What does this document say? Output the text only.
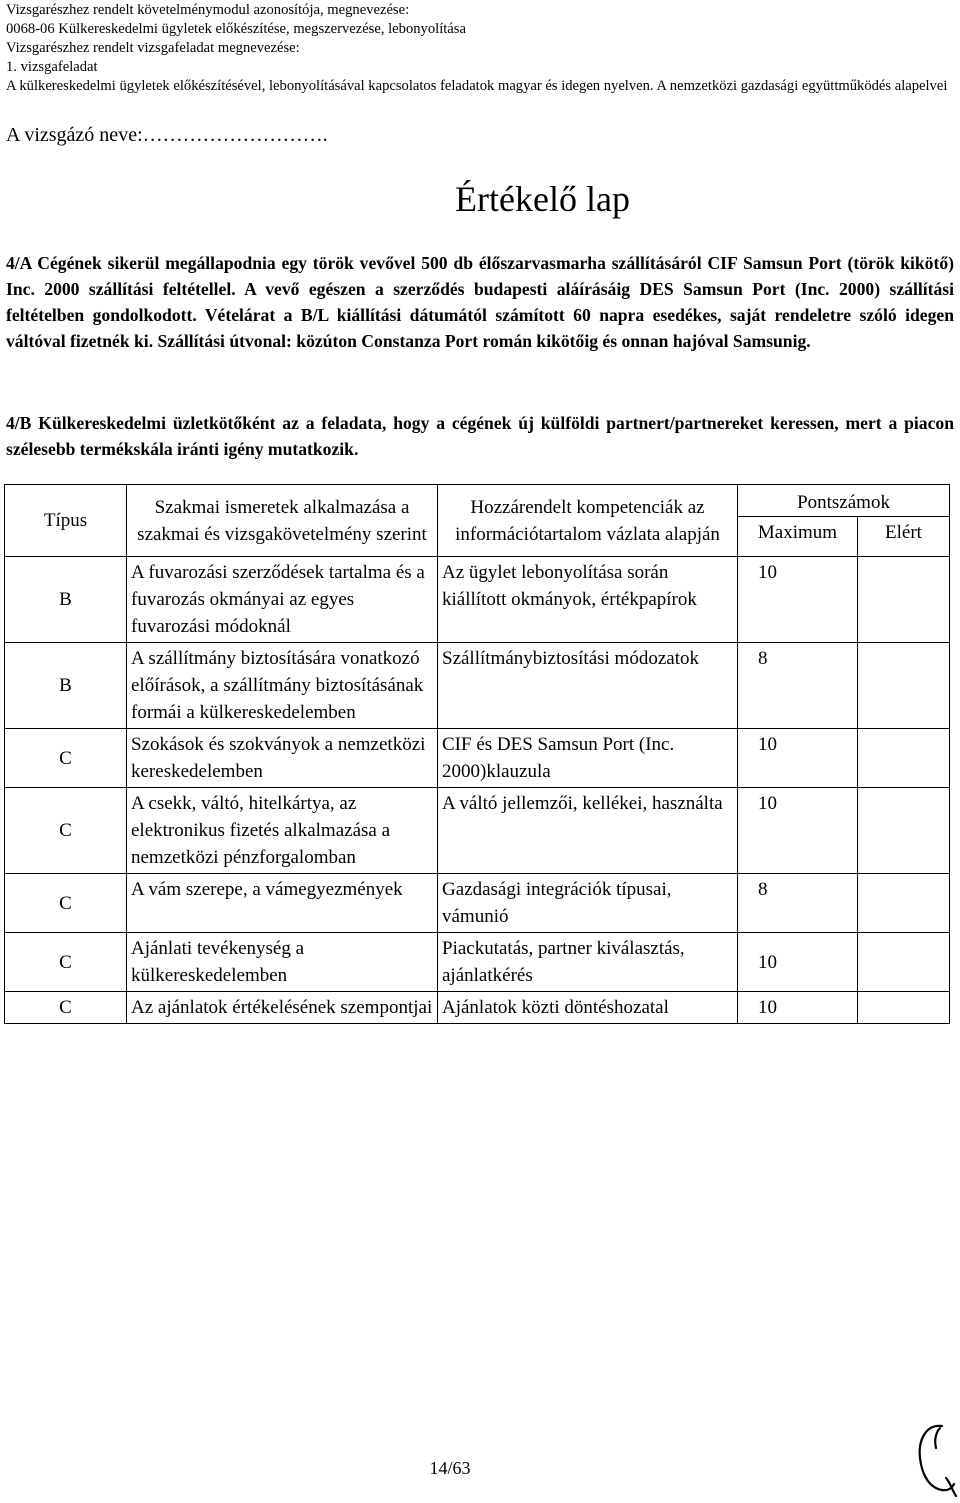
Vizsgarészhez rendelt követelménymodul azonosítója, megnevezése:
0068-06 Külkereskedelmi ügyletek előkészítése, megszervezése, lebonyolítása
Vizsgarészhez rendelt vizsgafeladat megnevezése:
1. vizsgafeladat
A külkereskedelmi ügyletek előkészítésével, lebonyolításával kapcsolatos feladatok magyar és idegen nyelven. A nemzetközi gazdasági együttműködés alapelvei
A vizsgázó neve:……………………….
Értékelő lap
4/A Cégének sikerül megállapodnia egy török vevővel 500 db élőszarvasmarha szállításáról CIF Samsun Port (török kikötő) Inc. 2000 szállítási feltétellel. A vevő egészen a szerződés budapesti aláírásáig DES Samsun Port (Inc. 2000) szállítási feltételben gondolkodott. Vételárat a B/L kiállítási dátumától számított 60 napra esedékes, saját rendeletre szóló idegen váltóval fizetnék ki. Szállítási útvonal: közúton Constanza Port román kikötőig és onnan hajóval Samsunig.
4/B Külkereskedelmi üzletkötőként az a feladata, hogy a cégének új külföldi partnert/partnereket keressen, mert a piacon szélesebb termékskála iránti igény mutatkozik.
Típus	Szakmai ismeretek alkalmazása a szakmai és vizsgakövetelmény szerint	Hozzárendelt kompetenciák az információtartalom vázlata alapján	Pontszámok	
			Maximum	Elért
B	A fuvarozási szerződések tartalma és a fuvarozás okmányai az egyes fuvarozási módoknál	Az ügylet lebonyolítása során kiállított okmányok, értékpapírok	10	
B	A szállítmány biztosítására vonatkozó előírások, a szállítmány biztosításának formái a külkereskedelemben	Szállítmánybiztosítási módozatok	8	
C	Szokások és szokványok a nemzetközi kereskedelemben	CIF és DES Samsun Port (Inc. 2000)klauzula	10	
C	A csekk, váltó, hitelkártya, az elektronikus fizetés alkalmazása a nemzetközi pénzforgalomban	A váltó jellemzői, kellékei, használta	10	
C	A vám szerepe, a vámegyezmények	Gazdasági integrációk típusai, vámunió	8	
C	Ajánlati tevékenység a külkereskedelemben	Piackutatás, partner kiválasztás, ajánlatkérés	10	
C	Az ajánlatok értékelésének szempontjai	Ajánlatok közti döntéshozatal	10	
14/63
